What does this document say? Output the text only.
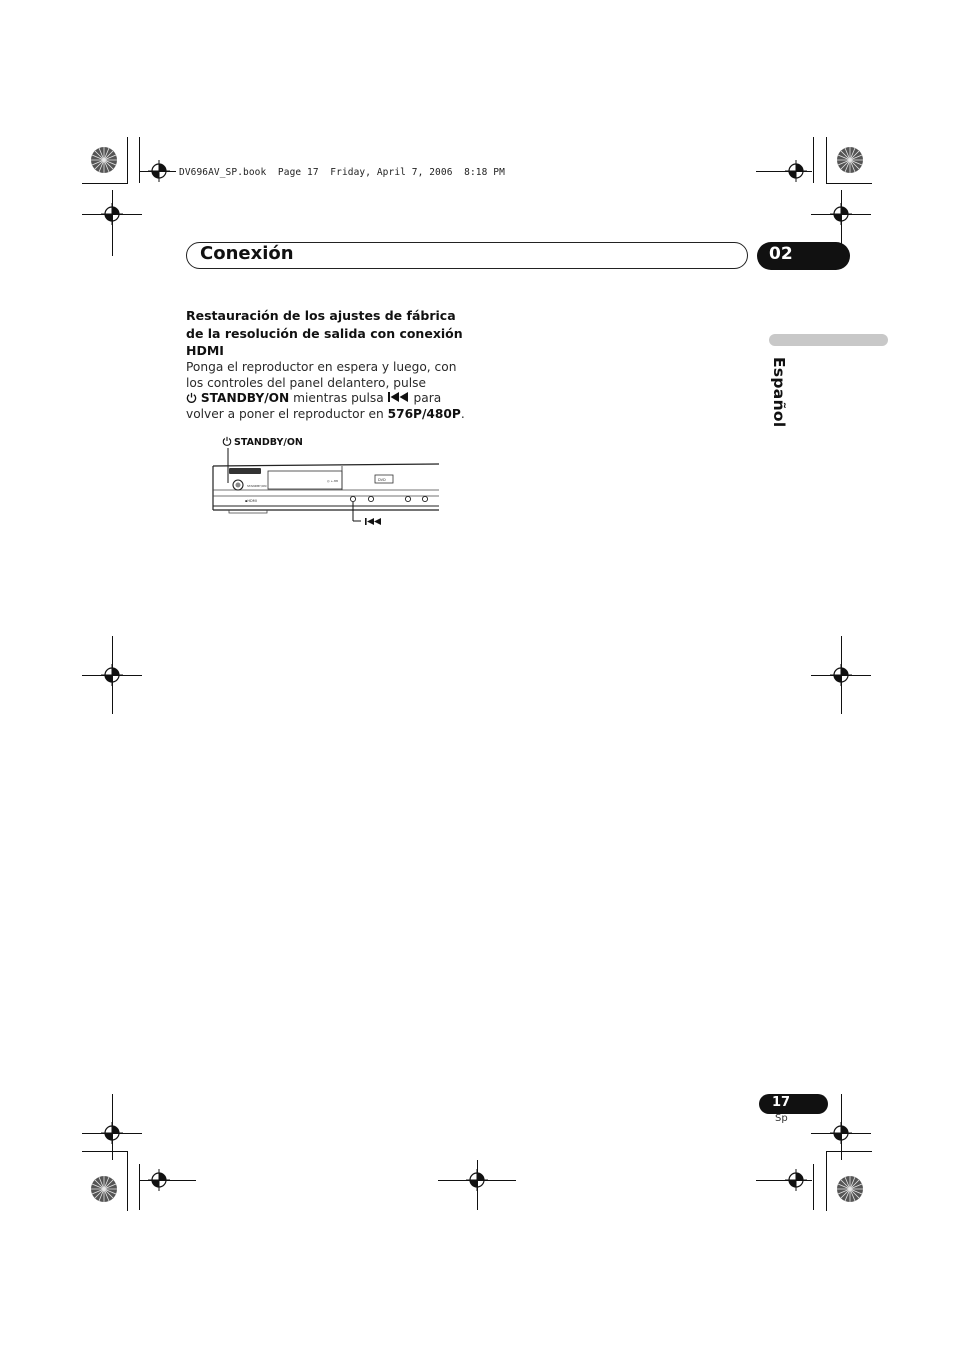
DV696AV_SP.book  Page 17  Friday, April 7, 2006  8:18 PM
Conexión	02
Español
Restauración de los ajustes de fábrica de la resolución de salida con conexión HDMI
Ponga el reproductor en espera y luego, con los controles del panel delantero, pulse
STANDBY/ON mientras pulsa  para volver a poner el reproductor en 576P/480P.
STANDBY/ON
STANDBY/ON
◎ +.88	DVD
▪HDMI
17
Sp
